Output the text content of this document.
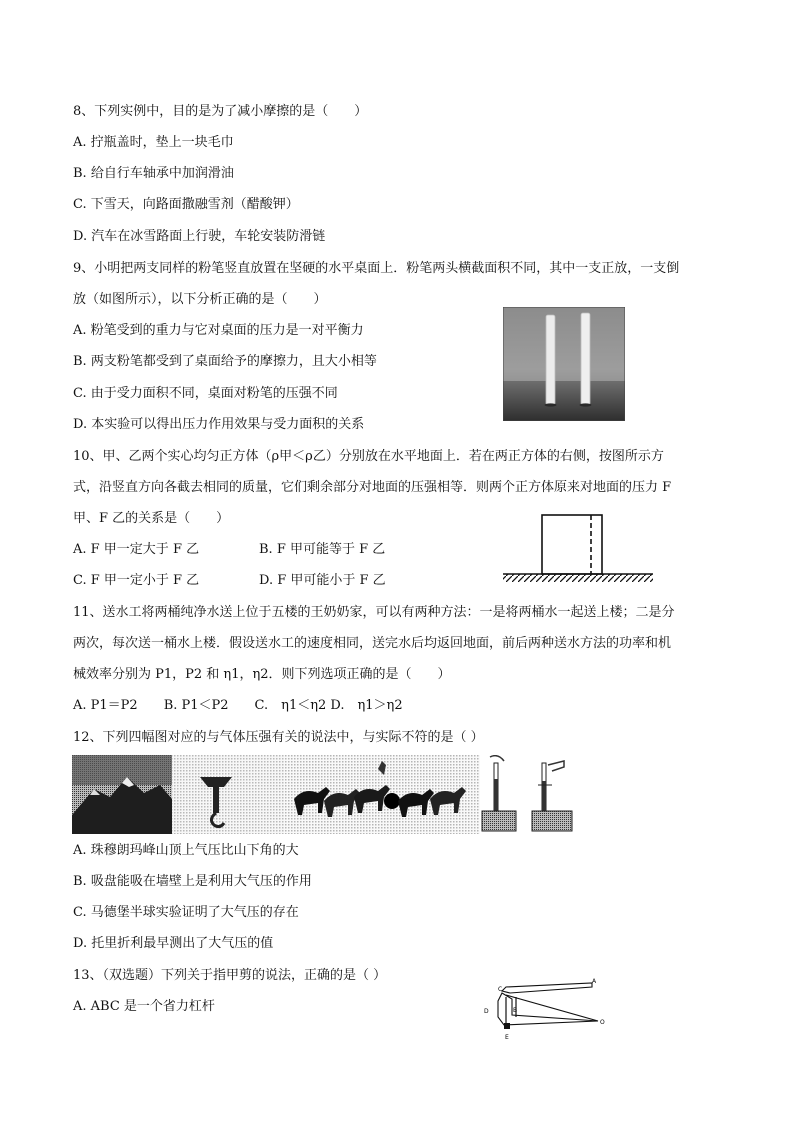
8、下列实例中，目的是为了减小摩擦的是（　　）
A. 拧瓶盖时，垫上一块毛巾
B. 给自行车轴承中加润滑油
C. 下雪天，向路面撒融雪剂（醋酸钾）
D. 汽车在冰雪路面上行驶，车轮安装防滑链
9、小明把两支同样的粉笔竖直放置在坚硬的水平桌面上．粉笔两头横截面积不同，其中一支正放，一支倒
放（如图所示），以下分析正确的是（　　）
A. 粉笔受到的重力与它对桌面的压力是一对平衡力
B. 两支粉笔都受到了桌面给予的摩擦力，且大小相等
C. 由于受力面积不同，桌面对粉笔的压强不同
D. 本实验可以得出压力作用效果与受力面积的关系
10、甲、乙两个实心均匀正方体（ρ甲＜ρ乙）分别放在水平地面上．若在两正方体的右侧，按图所示方
式，沿竖直方向各截去相同的质量，它们剩余部分对地面的压强相等．则两个正方体原来对地面的压力 F
甲、F 乙的关系是（　　）
A. F 甲一定大于 F 乙	B. F 甲可能等于 F 乙
C. F 甲一定小于 F 乙	D. F 甲可能小于 F 乙
11、送水工将两桶纯净水送上位于五楼的王奶奶家，可以有两种方法：一是将两桶水一起送上楼；二是分
两次，每次送一桶水上楼．假设送水工的速度相同，送完水后均返回地面，前后两种送水方法的功率和机
械效率分别为 P1，P2 和 η1，η2．则下列选项正确的是（　　）
A. P1＝P2　　B. P1＜P2　　C.　η1＜η2 D.　η1＞η2
12、下列四幅图对应的与气体压强有关的说法中，与实际不符的是（ ）
A. 珠穆朗玛峰山顶上气压比山下角的大
B. 吸盘能吸在墙壁上是利用大气压的作用
C. 马德堡半球实验证明了大气压的存在
D. 托里折利最早测出了大气压的值
13、（双选题）下列关于指甲剪的说法，正确的是（ ）
A. ABC 是一个省力杠杆
A
C
B
D
O
E
